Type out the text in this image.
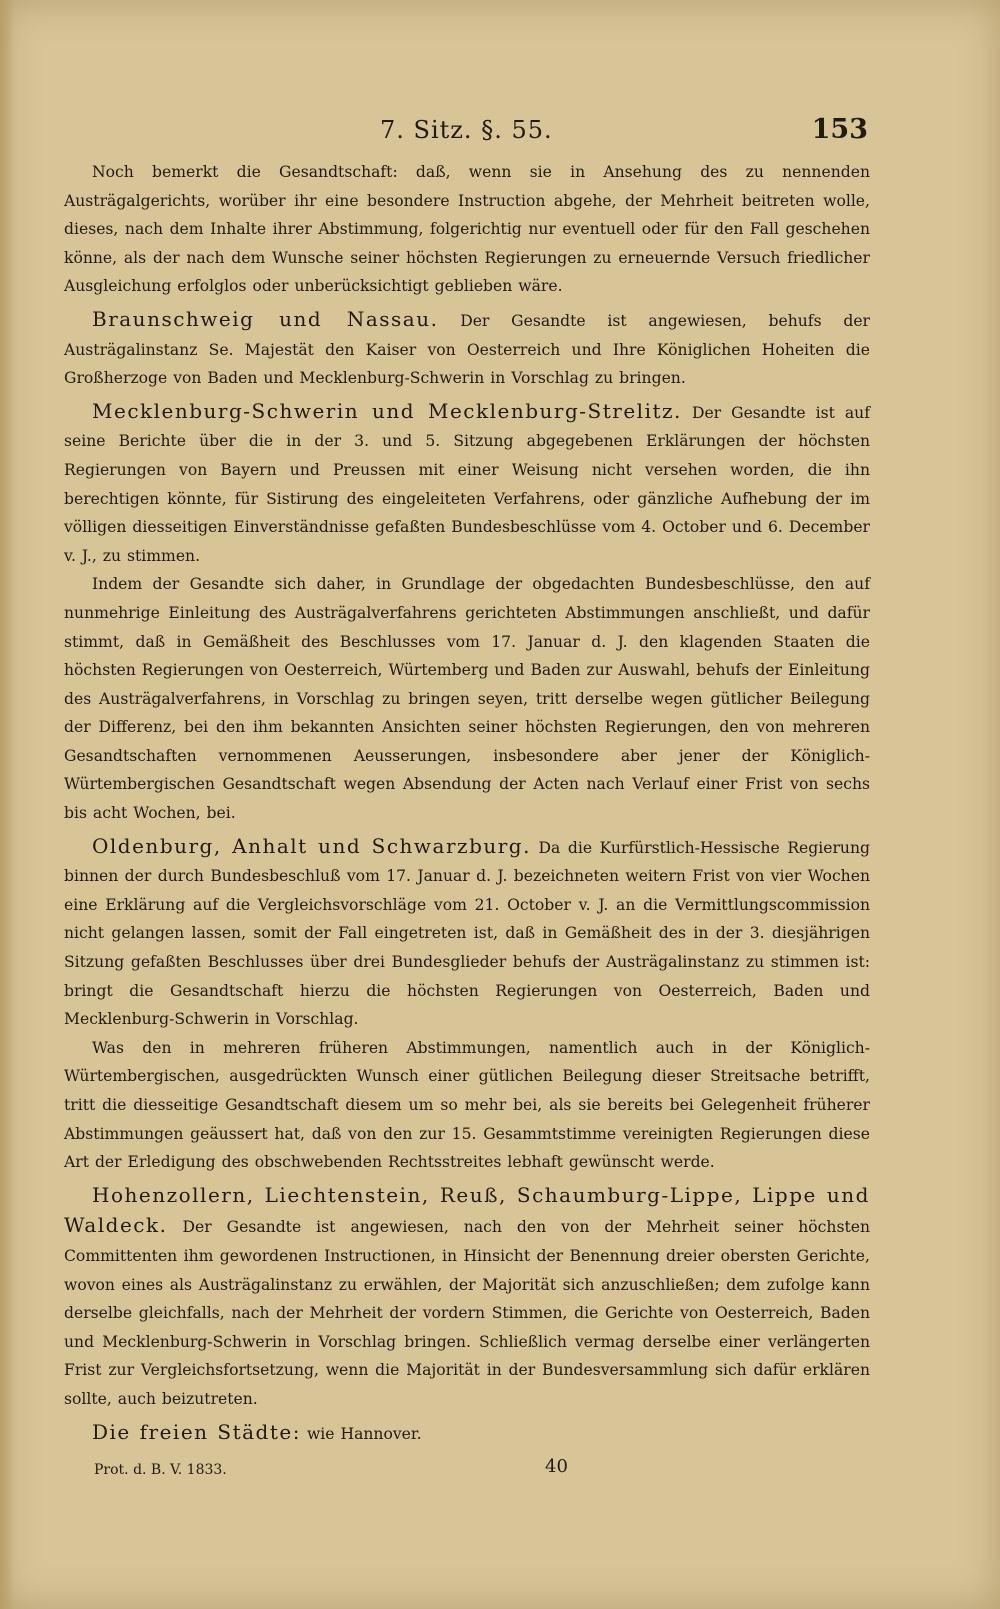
7. Sitz. §. 55.	153

Noch bemerkt die Gesandtschaft: daß, wenn sie in Ansehung des zu nennenden Austrägalgerichts, worüber ihr eine besondere Instruction abgehe, der Mehrheit beitreten wolle, dieses, nach dem Inhalte ihrer Abstimmung, folgerichtig nur eventuell oder für den Fall geschehen könne, als der nach dem Wunsche seiner höchsten Regierungen zu erneuernde Versuch friedlicher Ausgleichung erfolglos oder unberücksichtigt geblieben wäre.

Braunschweig und Nassau. Der Gesandte ist angewiesen, behufs der Austrägalinstanz Se. Majestät den Kaiser von Oesterreich und Ihre Königlichen Hoheiten die Großherzoge von Baden und Mecklenburg-Schwerin in Vorschlag zu bringen.

Mecklenburg-Schwerin und Mecklenburg-Strelitz. Der Gesandte ist auf seine Berichte über die in der 3. und 5. Sitzung abgegebenen Erklärungen der höchsten Regierungen von Bayern und Preussen mit einer Weisung nicht versehen worden, die ihn berechtigen könnte, für Sistirung des eingeleiteten Verfahrens, oder gänzliche Aufhebung der im völligen diesseitigen Einverständnisse gefaßten Bundesbeschlüsse vom 4. October und 6. December v. J., zu stimmen.

Indem der Gesandte sich daher, in Grundlage der obgedachten Bundesbeschlüsse, den auf nunmehrige Einleitung des Austrägalverfahrens gerichteten Abstimmungen anschließt, und dafür stimmt, daß in Gemäßheit des Beschlusses vom 17. Januar d. J. den klagenden Staaten die höchsten Regierungen von Oesterreich, Würtemberg und Baden zur Auswahl, behufs der Einleitung des Austrägalverfahrens, in Vorschlag zu bringen seyen, tritt derselbe wegen gütlicher Beilegung der Differenz, bei den ihm bekannten Ansichten seiner höchsten Regierungen, den von mehreren Gesandtschaften vernommenen Aeusserungen, insbesondere aber jener der Königlich-Würtembergischen Gesandtschaft wegen Absendung der Acten nach Verlauf einer Frist von sechs bis acht Wochen, bei.

Oldenburg, Anhalt und Schwarzburg. Da die Kurfürstlich-Hessische Regierung binnen der durch Bundesbeschluß vom 17. Januar d. J. bezeichneten weitern Frist von vier Wochen eine Erklärung auf die Vergleichsvorschläge vom 21. October v. J. an die Vermittlungscommission nicht gelangen lassen, somit der Fall eingetreten ist, daß in Gemäßheit des in der 3. diesjährigen Sitzung gefaßten Beschlusses über drei Bundesglieder behufs der Austrägalinstanz zu stimmen ist: bringt die Gesandtschaft hierzu die höchsten Regierungen von Oesterreich, Baden und Mecklenburg-Schwerin in Vorschlag.

Was den in mehreren früheren Abstimmungen, namentlich auch in der Königlich-Würtembergischen, ausgedrückten Wunsch einer gütlichen Beilegung dieser Streitsache betrifft, tritt die diesseitige Gesandtschaft diesem um so mehr bei, als sie bereits bei Gelegenheit früherer Abstimmungen geäussert hat, daß von den zur 15. Gesammtstimme vereinigten Regierungen diese Art der Erledigung des obschwebenden Rechtsstreites lebhaft gewünscht werde.

Hohenzollern, Liechtenstein, Reuß, Schaumburg-Lippe, Lippe und Waldeck. Der Gesandte ist angewiesen, nach den von der Mehrheit seiner höchsten Committenten ihm gewordenen Instructionen, in Hinsicht der Benennung dreier obersten Gerichte, wovon eines als Austrägalinstanz zu erwählen, der Majorität sich anzuschließen; dem zufolge kann derselbe gleichfalls, nach der Mehrheit der vordern Stimmen, die Gerichte von Oesterreich, Baden und Mecklenburg-Schwerin in Vorschlag bringen. Schließlich vermag derselbe einer verlängerten Frist zur Vergleichsfortsetzung, wenn die Majorität in der Bundesversammlung sich dafür erklären sollte, auch beizutreten.

Die freien Städte: wie Hannover.

Prot. d. B. V. 1833.	40
